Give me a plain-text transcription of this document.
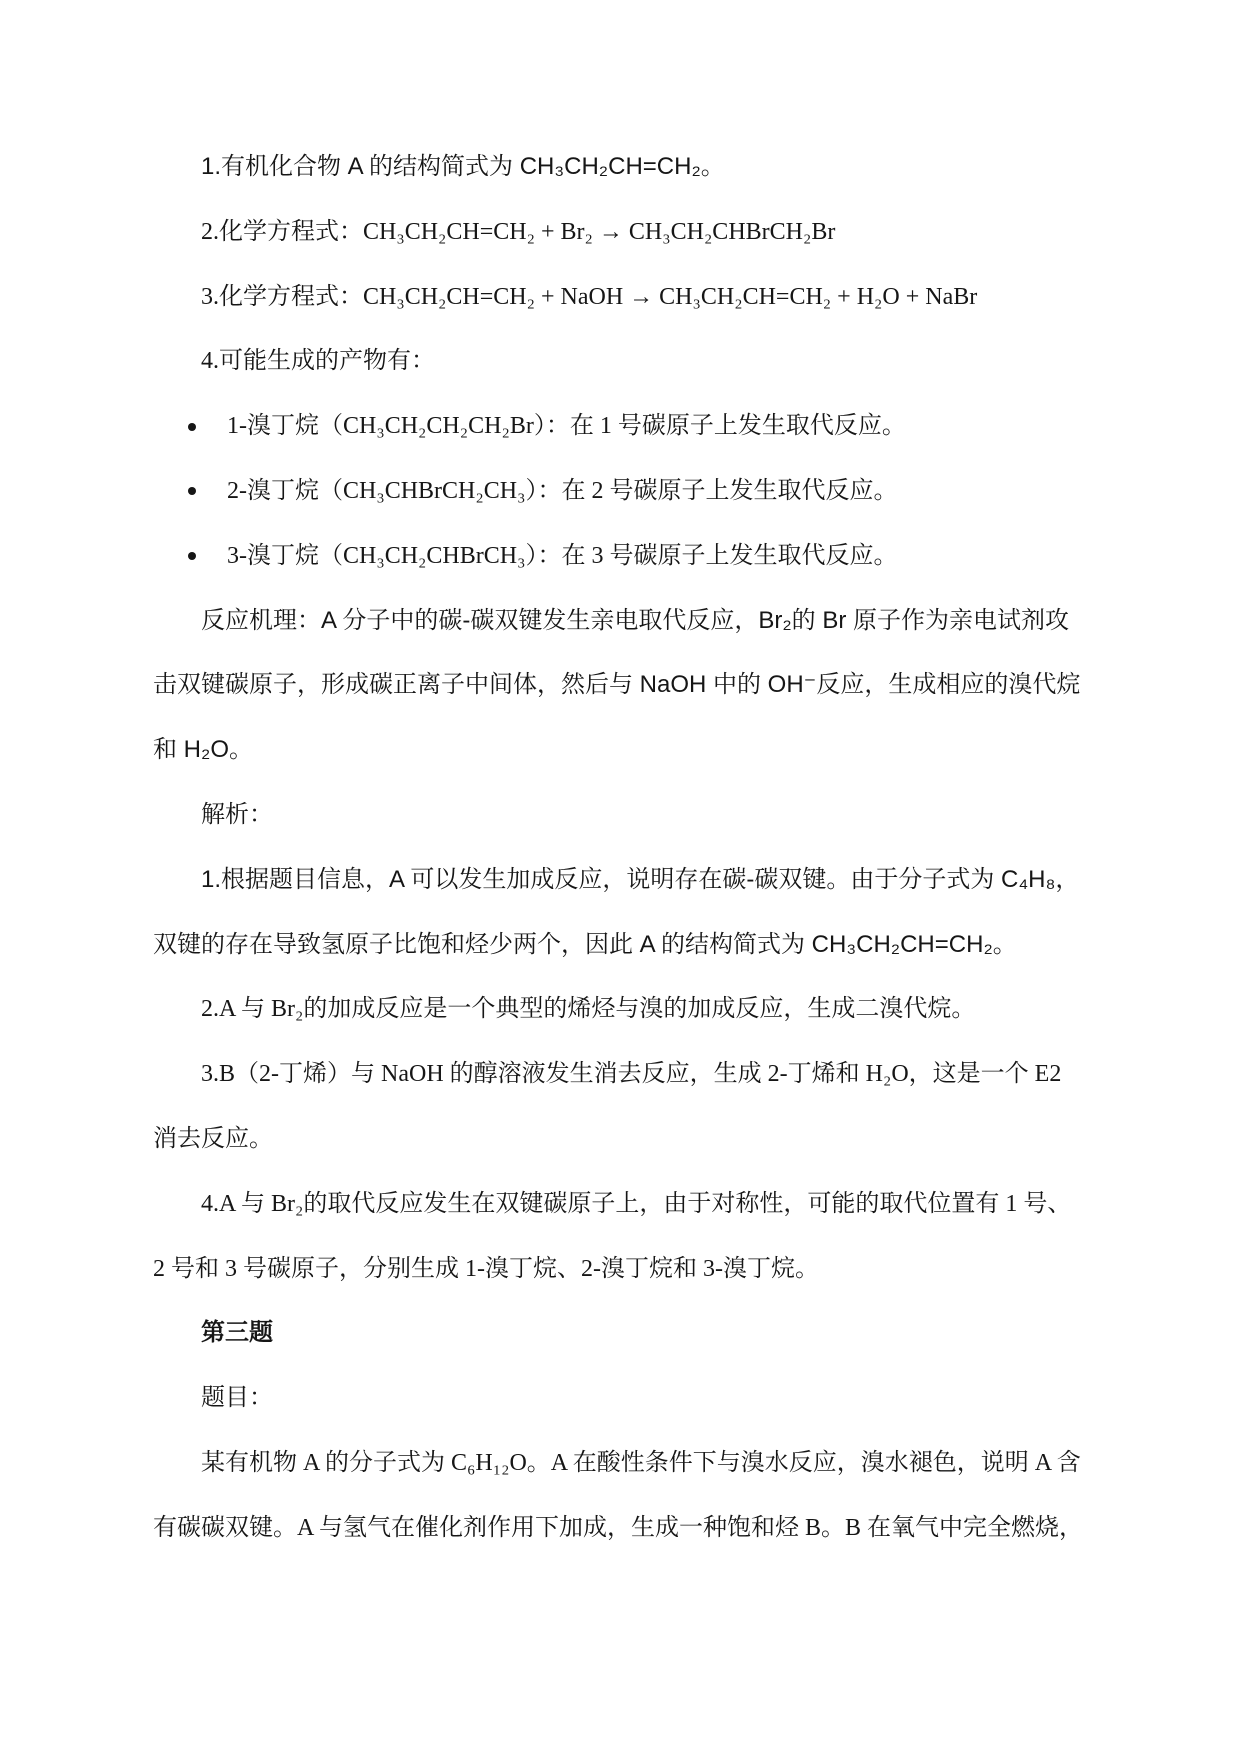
1.有机化合物 A 的结构简式为 CH₃CH₂CH=CH₂。
2.化学方程式：CH₃CH₂CH=CH₂ + Br₂ → CH₃CH₂CHBrCH₂Br
3.化学方程式：CH₃CH₂CH=CH₂ + NaOH → CH₃CH₂CH=CH₂ + H₂O + NaBr
4.可能生成的产物有：
1-溴丁烷（CH₃CH₂CH₂CH₂Br）：在 1 号碳原子上发生取代反应。
2-溴丁烷（CH₃CHBrCH₂CH₃）：在 2 号碳原子上发生取代反应。
3-溴丁烷（CH₃CH₂CHBrCH₃）：在 3 号碳原子上发生取代反应。
反应机理：A 分子中的碳-碳双键发生亲电取代反应，Br₂的 Br 原子作为亲电试剂攻
击双键碳原子，形成碳正离子中间体，然后与 NaOH 中的 OH⁻反应，生成相应的溴代烷
和 H₂O。
解析：
1.根据题目信息，A 可以发生加成反应，说明存在碳-碳双键。由于分子式为 C₄H₈，
双键的存在导致氢原子比饱和烃少两个，因此 A 的结构简式为 CH₃CH₂CH=CH₂。
2.A 与 Br₂的加成反应是一个典型的烯烃与溴的加成反应，生成二溴代烷。
3.B（2-丁烯）与 NaOH 的醇溶液发生消去反应，生成 2-丁烯和 H₂O，这是一个 E2
消去反应。
4.A 与 Br₂的取代反应发生在双键碳原子上，由于对称性，可能的取代位置有 1 号、
2 号和 3 号碳原子，分别生成 1-溴丁烷、2-溴丁烷和 3-溴丁烷。
第三题
题目：
某有机物 A 的分子式为 C₆H₁₂O。A 在酸性条件下与溴水反应，溴水褪色，说明 A 含
有碳碳双键。A 与氢气在催化剂作用下加成，生成一种饱和烃 B。B 在氧气中完全燃烧，
